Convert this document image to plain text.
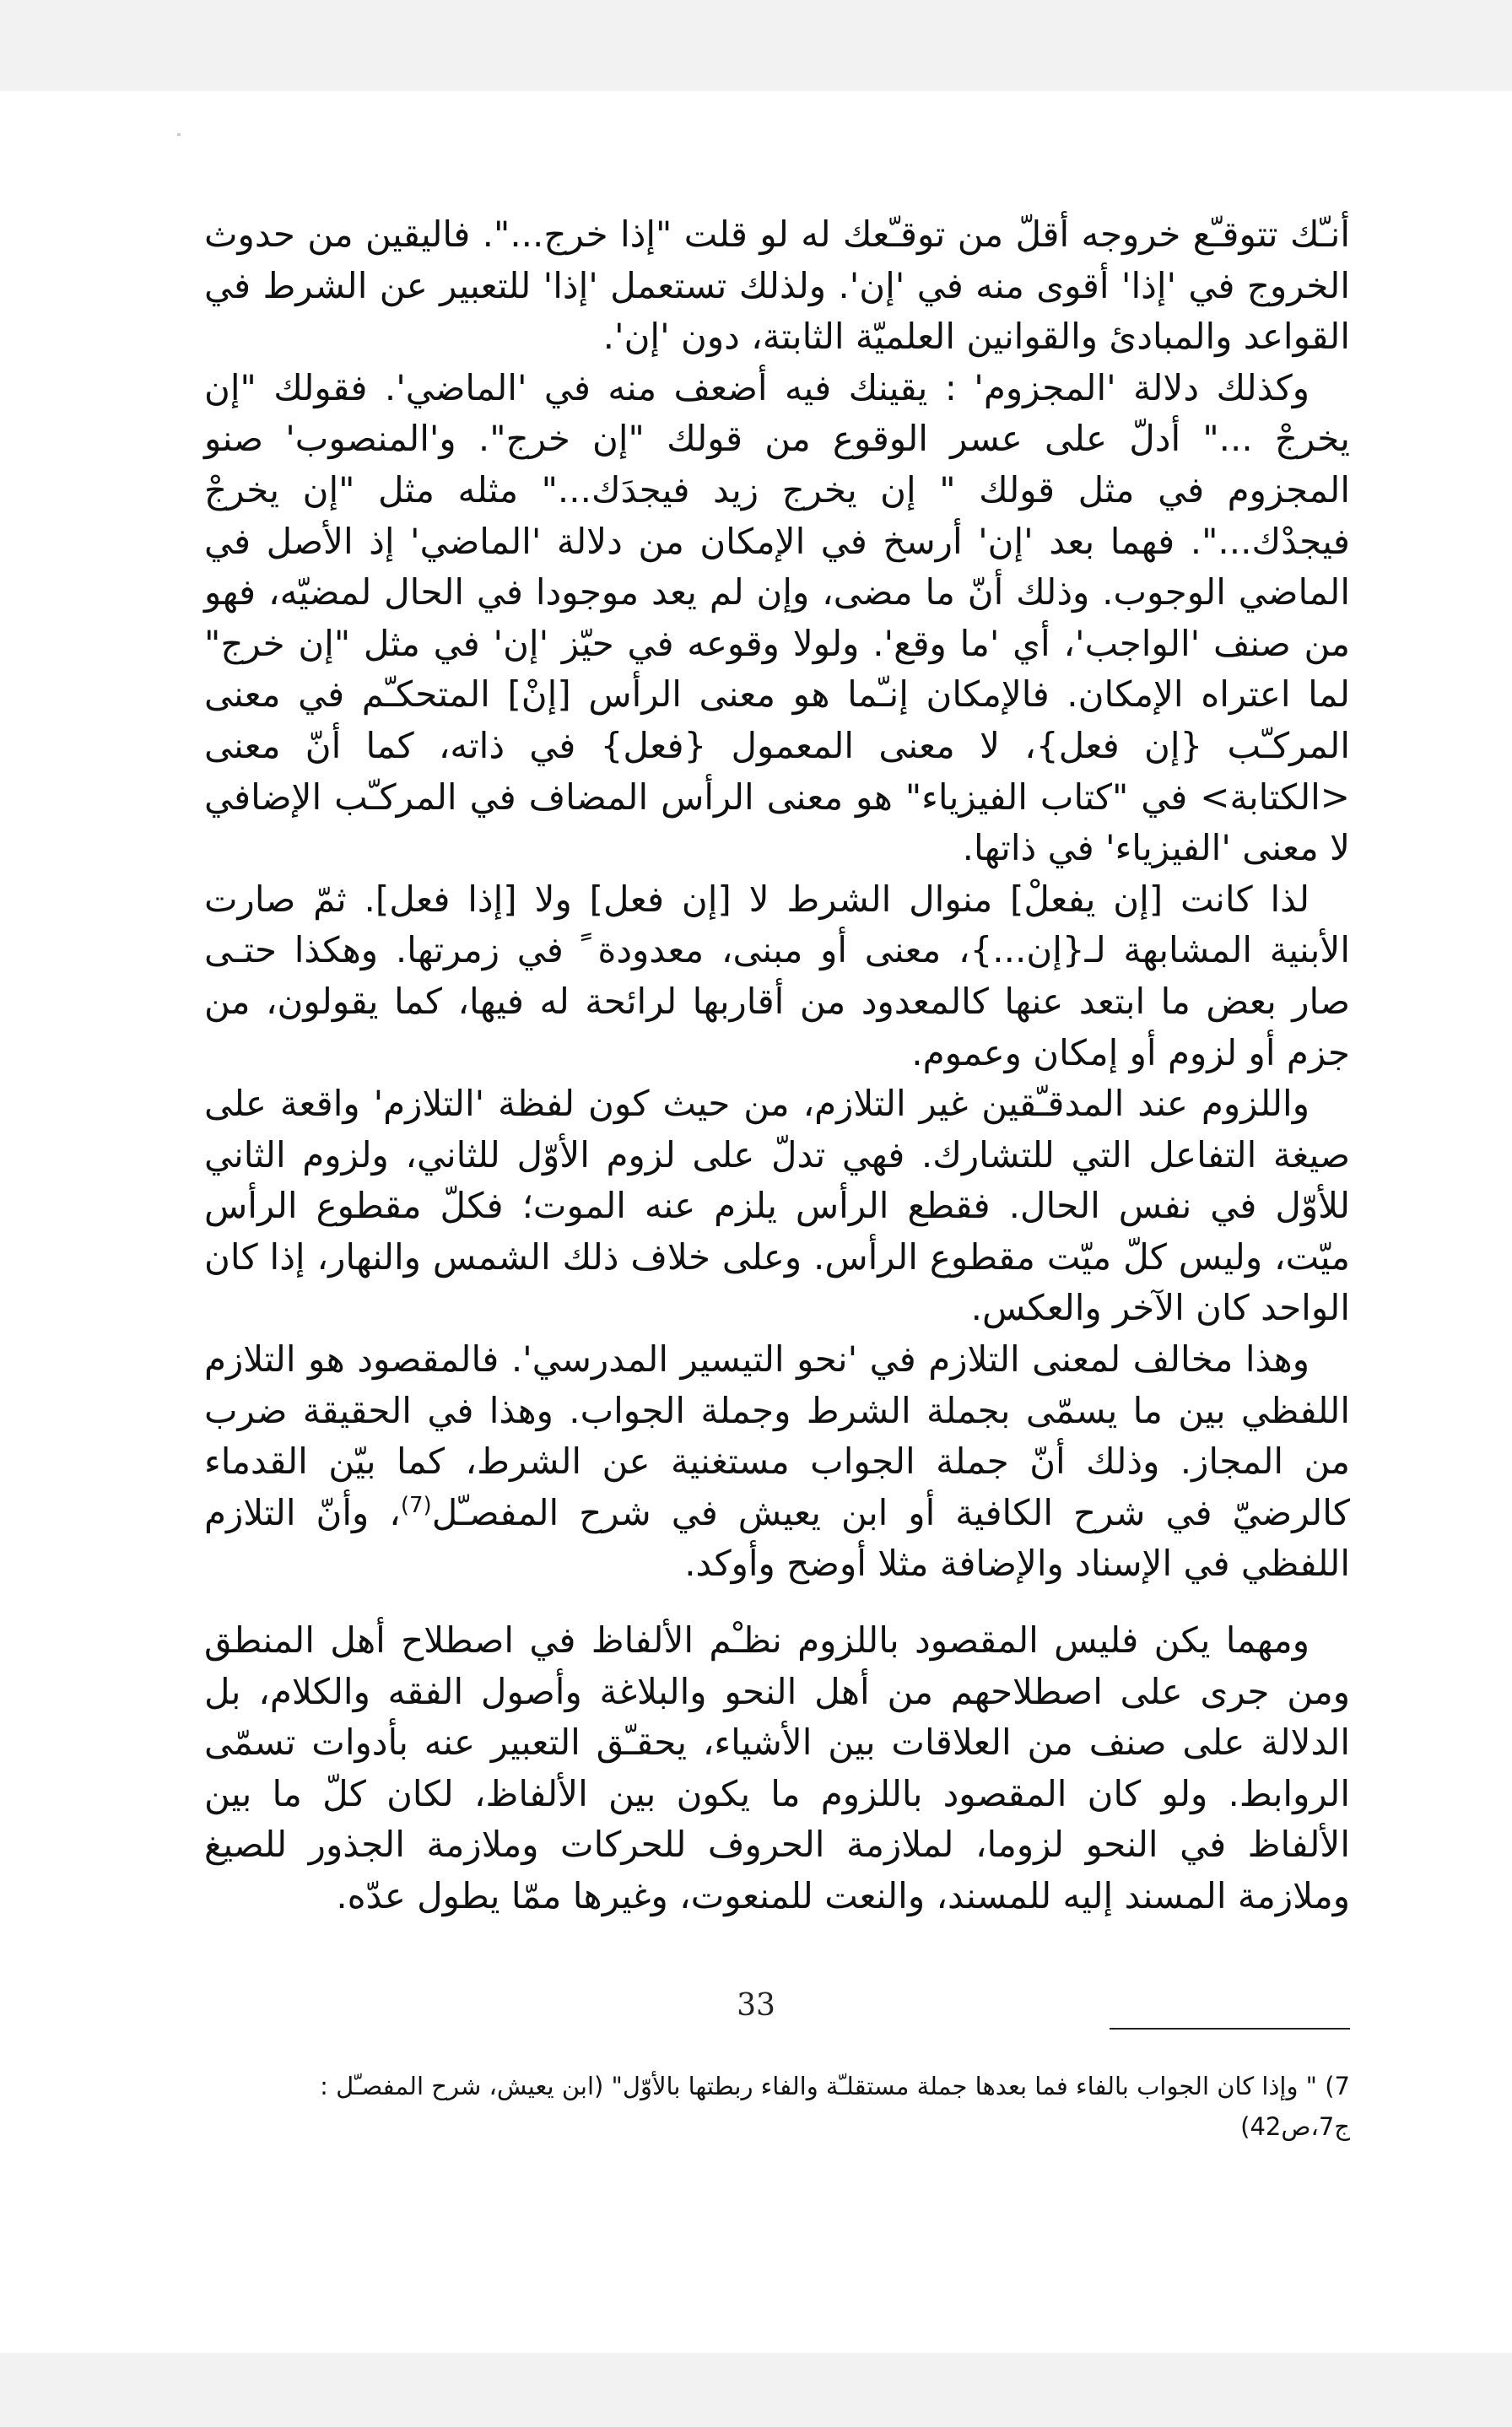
أنـّك تتوقـّع خروجه أقلّ من توقـّعك له لو قلت "إذا خرج...". فاليقين من حدوث الخروج في 'إذا' أقوى منه في 'إن'. ولذلك تستعمل 'إذا' للتعبير عن الشرط في القواعد والمبادئ والقوانين العلميّة الثابتة، دون 'إن'.

وكذلك دلالة 'المجزوم' : يقينك فيه أضعف منه في 'الماضي'. فقولك "إن يخرجْ ..." أدلّ على عسر الوقوع من قولك "إن خرج". و'المنصوب' صنو المجزوم في مثل قولك " إن يخرج زيد فيجدَك..." مثله مثل "إن يخرجْ فيجدْك...". فهما بعد 'إن' أرسخ في الإمكان من دلالة 'الماضي' إذ الأصل في الماضي الوجوب. وذلك أنّ ما مضى، وإن لم يعد موجودا في الحال لمضيّه، فهو من صنف 'الواجب'، أي 'ما وقع'. ولولا وقوعه في حيّز 'إن' في مثل "إن خرج" لما اعتراه الإمكان. فالإمكان إنـّما هو معنى الرأس [إنْ] المتحكـّم في معنى المركـّب {إن فعل}، لا معنى المعمول {فعل} في ذاته، كما أنّ معنى <الكتابة> في "كتاب الفيزياء" هو معنى الرأس المضاف في المركـّب الإضافي لا معنى 'الفيزياء' في ذاتها.

لذا كانت [إن يفعلْ] منوال الشرط لا [إن فعل] ولا [إذا فعل]. ثمّ صارت الأبنية المشابهة لـ{إن...}، معنى أو مبنى، معدودة ً في زمرتها. وهكذا حتـى صار بعض ما ابتعد عنها كالمعدود من أقاربها لرائحة له فيها، كما يقولون، من جزم أو لزوم أو إمكان وعموم.

واللزوم عند المدقـّقين غير التلازم، من حيث كون لفظة 'التلازم' واقعة على صيغة التفاعل التي للتشارك. فهي تدلّ على لزوم الأوّل للثاني، ولزوم الثاني للأوّل في نفس الحال. فقطع الرأس يلزم عنه الموت؛ فكلّ مقطوع الرأس ميّت، وليس كلّ ميّت مقطوع الرأس. وعلى خلاف ذلك الشمس والنهار، إذا كان الواحد كان الآخر والعكس.

وهذا مخالف لمعنى التلازم في 'نحو التيسير المدرسي'. فالمقصود هو التلازم اللفظي بين ما يسمّى بجملة الشرط وجملة الجواب. وهذا في الحقيقة ضرب من المجاز. وذلك أنّ جملة الجواب مستغنية عن الشرط، كما بيّن القدماء كالرضيّ في شرح الكافية أو ابن يعيش في شرح المفصـّل$^{(7)}$، وأنّ التلازم اللفظي في الإسناد والإضافة مثلا أوضح وأوكد.

ومهما يكن فليس المقصود باللزوم نظـْم الألفاظ في اصطلاح أهل المنطق ومن جرى على اصطلاحهم من أهل النحو والبلاغة وأصول الفقه والكلام، بل الدلالة على صنف من العلاقات بين الأشياء، يحقـّق التعبير عنه بأدوات تسمّى الروابط. ولو كان المقصود باللزوم ما يكون بين الألفاظ، لكان كلّ ما بين الألفاظ في النحو لزوما، لملازمة الحروف للحركات وملازمة الجذور للصيغ وملازمة المسند إليه للمسند، والنعت للمنعوت، وغيرها ممّا يطول عدّه.

7) " وإذا كان الجواب بالفاء فما بعدها جملة مستقلـّة والفاء ربطتها بالأوّل" (ابن يعيش، شرح المفصـّل : ج7،ص42)

33
